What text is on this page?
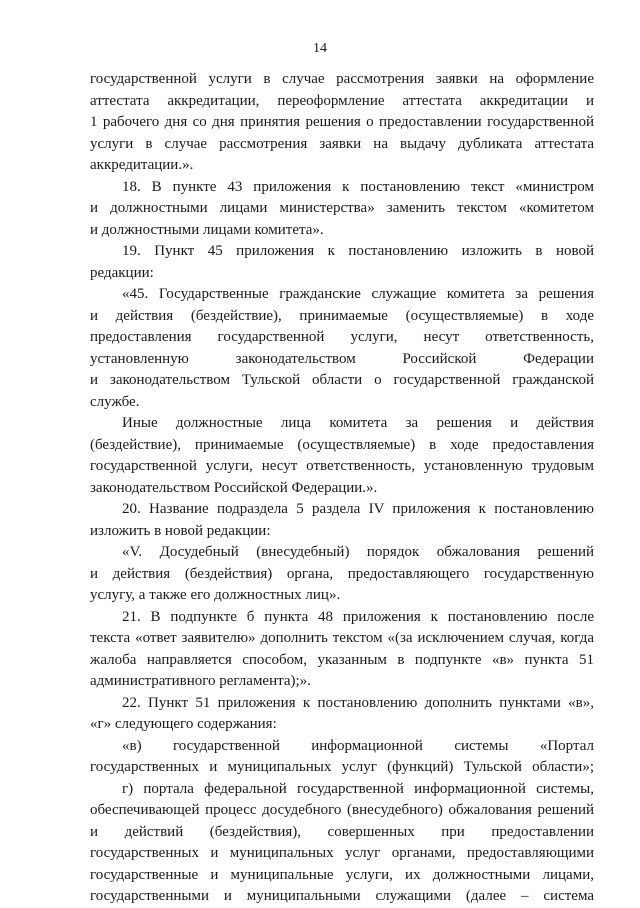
14
государственной услуги в случае рассмотрения заявки на оформление
аттестата аккредитации, переоформление аттестата аккредитации и
1 рабочего дня со дня принятия решения о предоставлении государственной
услуги в случае рассмотрения заявки на выдачу дубликата аттестата
аккредитации.».
18. В пункте 43 приложения к постановлению текст «министром
и должностными лицами министерства» заменить текстом «комитетом
и должностными лицами комитета».
19. Пункт 45 приложения к постановлению изложить в новой
редакции:
«45. Государственные гражданские служащие комитета за решения
и действия (бездействие), принимаемые (осуществляемые) в ходе
предоставления государственной услуги, несут ответственность,
установленную законодательством Российской Федерации
и законодательством Тульской области о государственной гражданской
службе.
Иные должностные лица комитета за решения и действия
(бездействие), принимаемые (осуществляемые) в ходе предоставления
государственной услуги, несут ответственность, установленную трудовым
законодательством Российской Федерации.».
20. Название подраздела 5 раздела IV приложения к постановлению
изложить в новой редакции:
«V. Досудебный (внесудебный) порядок обжалования решений
и действия (бездействия) органа, предоставляющего государственную
услугу, а также его должностных лиц».
21. В подпункте б пункта 48 приложения к постановлению после
текста «ответ заявителю» дополнить текстом «(за исключением случая, когда
жалоба направляется способом, указанным в подпункте «в» пункта 51
административного регламента);».
22. Пункт 51 приложения к постановлению дополнить пунктами «в»,
«г» следующего содержания:
«в) государственной информационной системы «Портал
государственных и муниципальных услуг (функций) Тульской области»;
г) портала федеральной государственной информационной системы,
обеспечивающей процесс досудебного (внесудебного) обжалования решений
и действий (бездействия), совершенных при предоставлении
государственных и муниципальных услуг органами, предоставляющими
государственные и муниципальные услуги, их должностными лицами,
государственными и муниципальными служащими (далее – система
